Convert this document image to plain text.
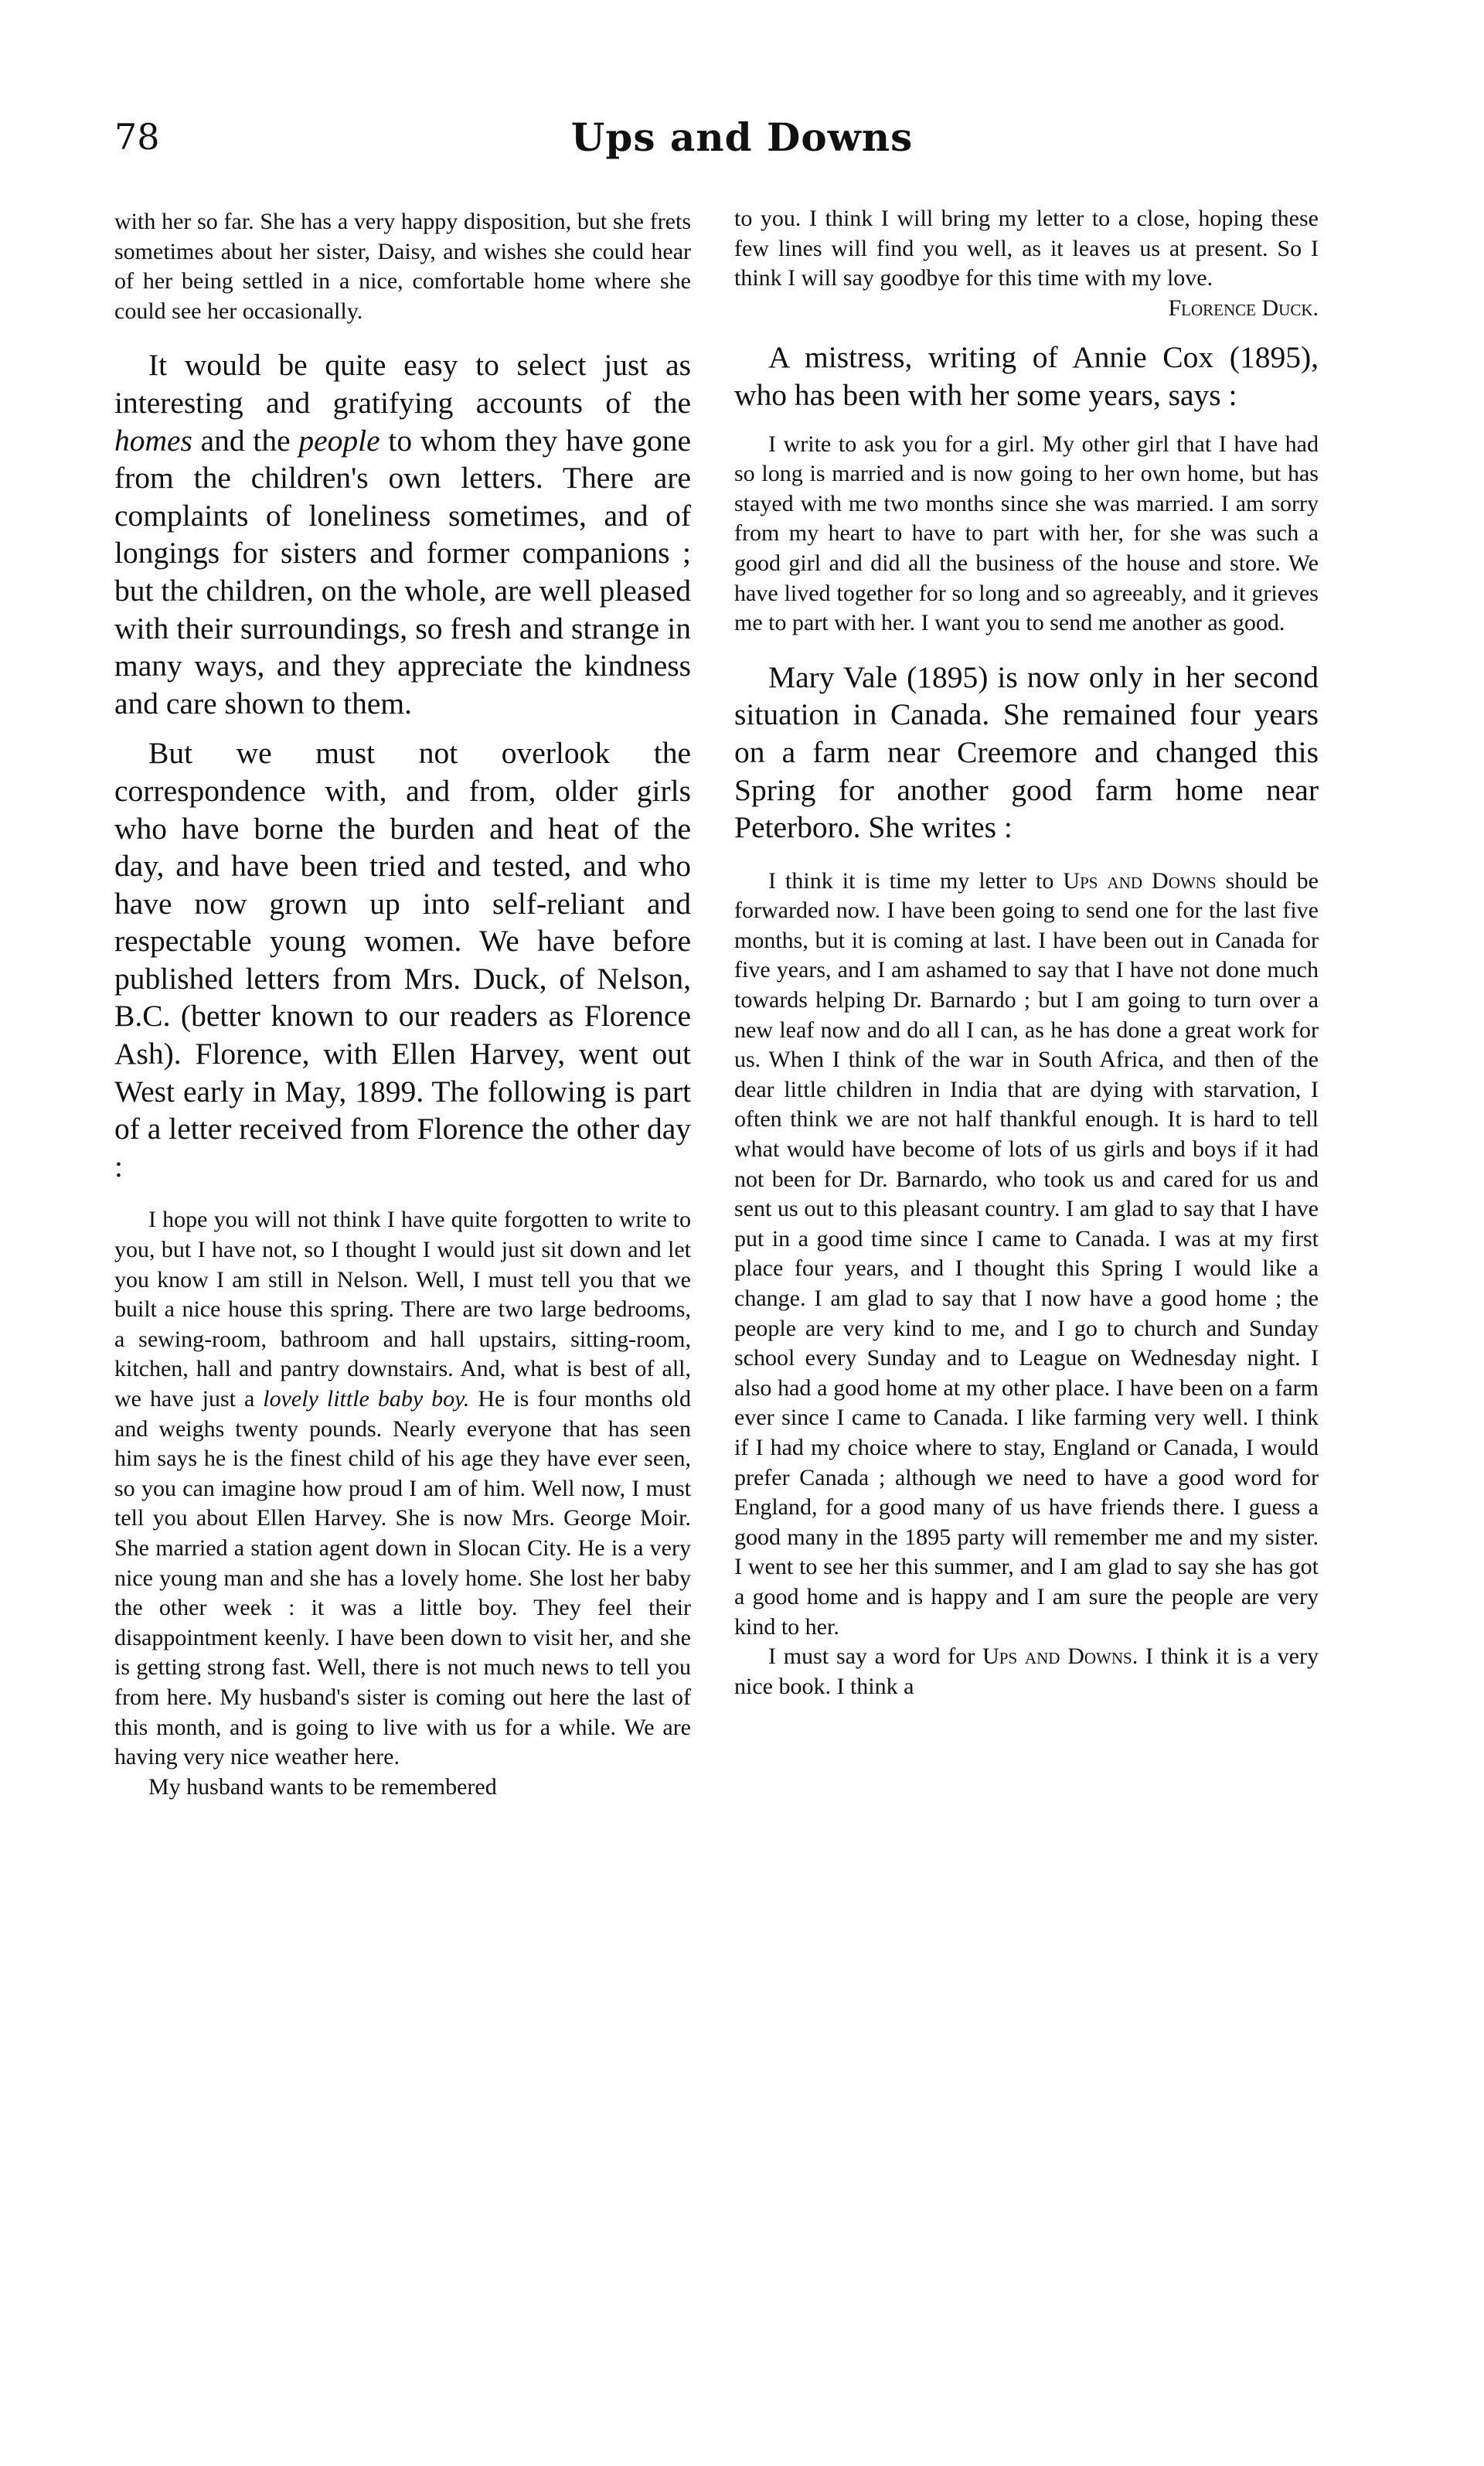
78	Ups and Downs

with her so far. She has a very happy disposition, but she frets sometimes about her sister, Daisy, and wishes she could hear of her being settled in a nice, comfortable home where she could see her occasionally.

It would be quite easy to select just as interesting and gratifying accounts of the homes and the people to whom they have gone from the children's own letters. There are complaints of loneliness sometimes, and of longings for sisters and former companions ; but the children, on the whole, are well pleased with their surroundings, so fresh and strange in many ways, and they appreciate the kindness and care shown to them.

But we must not overlook the correspondence with, and from, older girls who have borne the burden and heat of the day, and have been tried and tested, and who have now grown up into self-reliant and respectable young women. We have before published letters from Mrs. Duck, of Nelson, B.C. (better known to our readers as Florence Ash). Florence, with Ellen Harvey, went out West early in May, 1899. The following is part of a letter received from Florence the other day :

I hope you will not think I have quite forgotten to write to you, but I have not, so I thought I would just sit down and let you know I am still in Nelson. Well, I must tell you that we built a nice house this spring. There are two large bedrooms, a sewing-room, bathroom and hall upstairs, sitting-room, kitchen, hall and pantry downstairs. And, what is best of all, we have just a lovely little baby boy. He is four months old and weighs twenty pounds. Nearly everyone that has seen him says he is the finest child of his age they have ever seen, so you can imagine how proud I am of him. Well now, I must tell you about Ellen Harvey. She is now Mrs. George Moir. She married a station agent down in Slocan City. He is a very nice young man and she has a lovely home. She lost her baby the other week : it was a little boy. They feel their disappointment keenly. I have been down to visit her, and she is getting strong fast. Well, there is not much news to tell you from here. My husband's sister is coming out here the last of this month, and is going to live with us for a while. We are having very nice weather here.

My husband wants to be remembered

to you. I think I will bring my letter to a close, hoping these few lines will find you well, as it leaves us at present. So I think I will say goodbye for this time with my love.
Florence Duck.

A mistress, writing of Annie Cox (1895), who has been with her some years, says :

I write to ask you for a girl. My other girl that I have had so long is married and is now going to her own home, but has stayed with me two months since she was married. I am sorry from my heart to have to part with her, for she was such a good girl and did all the business of the house and store. We have lived together for so long and so agreeably, and it grieves me to part with her. I want you to send me another as good.

Mary Vale (1895) is now only in her second situation in Canada. She remained four years on a farm near Creemore and changed this Spring for another good farm home near Peterboro. She writes :

I think it is time my letter to Ups and Downs should be forwarded now. I have been going to send one for the last five months, but it is coming at last. I have been out in Canada for five years, and I am ashamed to say that I have not done much towards helping Dr. Barnardo ; but I am going to turn over a new leaf now and do all I can, as he has done a great work for us. When I think of the war in South Africa, and then of the dear little children in India that are dying with starvation, I often think we are not half thankful enough. It is hard to tell what would have become of lots of us girls and boys if it had not been for Dr. Barnardo, who took us and cared for us and sent us out to this pleasant country. I am glad to say that I have put in a good time since I came to Canada. I was at my first place four years, and I thought this Spring I would like a change. I am glad to say that I now have a good home ; the people are very kind to me, and I go to church and Sunday school every Sunday and to League on Wednesday night. I also had a good home at my other place. I have been on a farm ever since I came to Canada. I like farming very well. I think if I had my choice where to stay, England or Canada, I would prefer Canada ; although we need to have a good word for England, for a good many of us have friends there. I guess a good many in the 1895 party will remember me and my sister. I went to see her this summer, and I am glad to say she has got a good home and is happy and I am sure the people are very kind to her.

I must say a word for Ups and Downs. I think it is a very nice book. I think a
